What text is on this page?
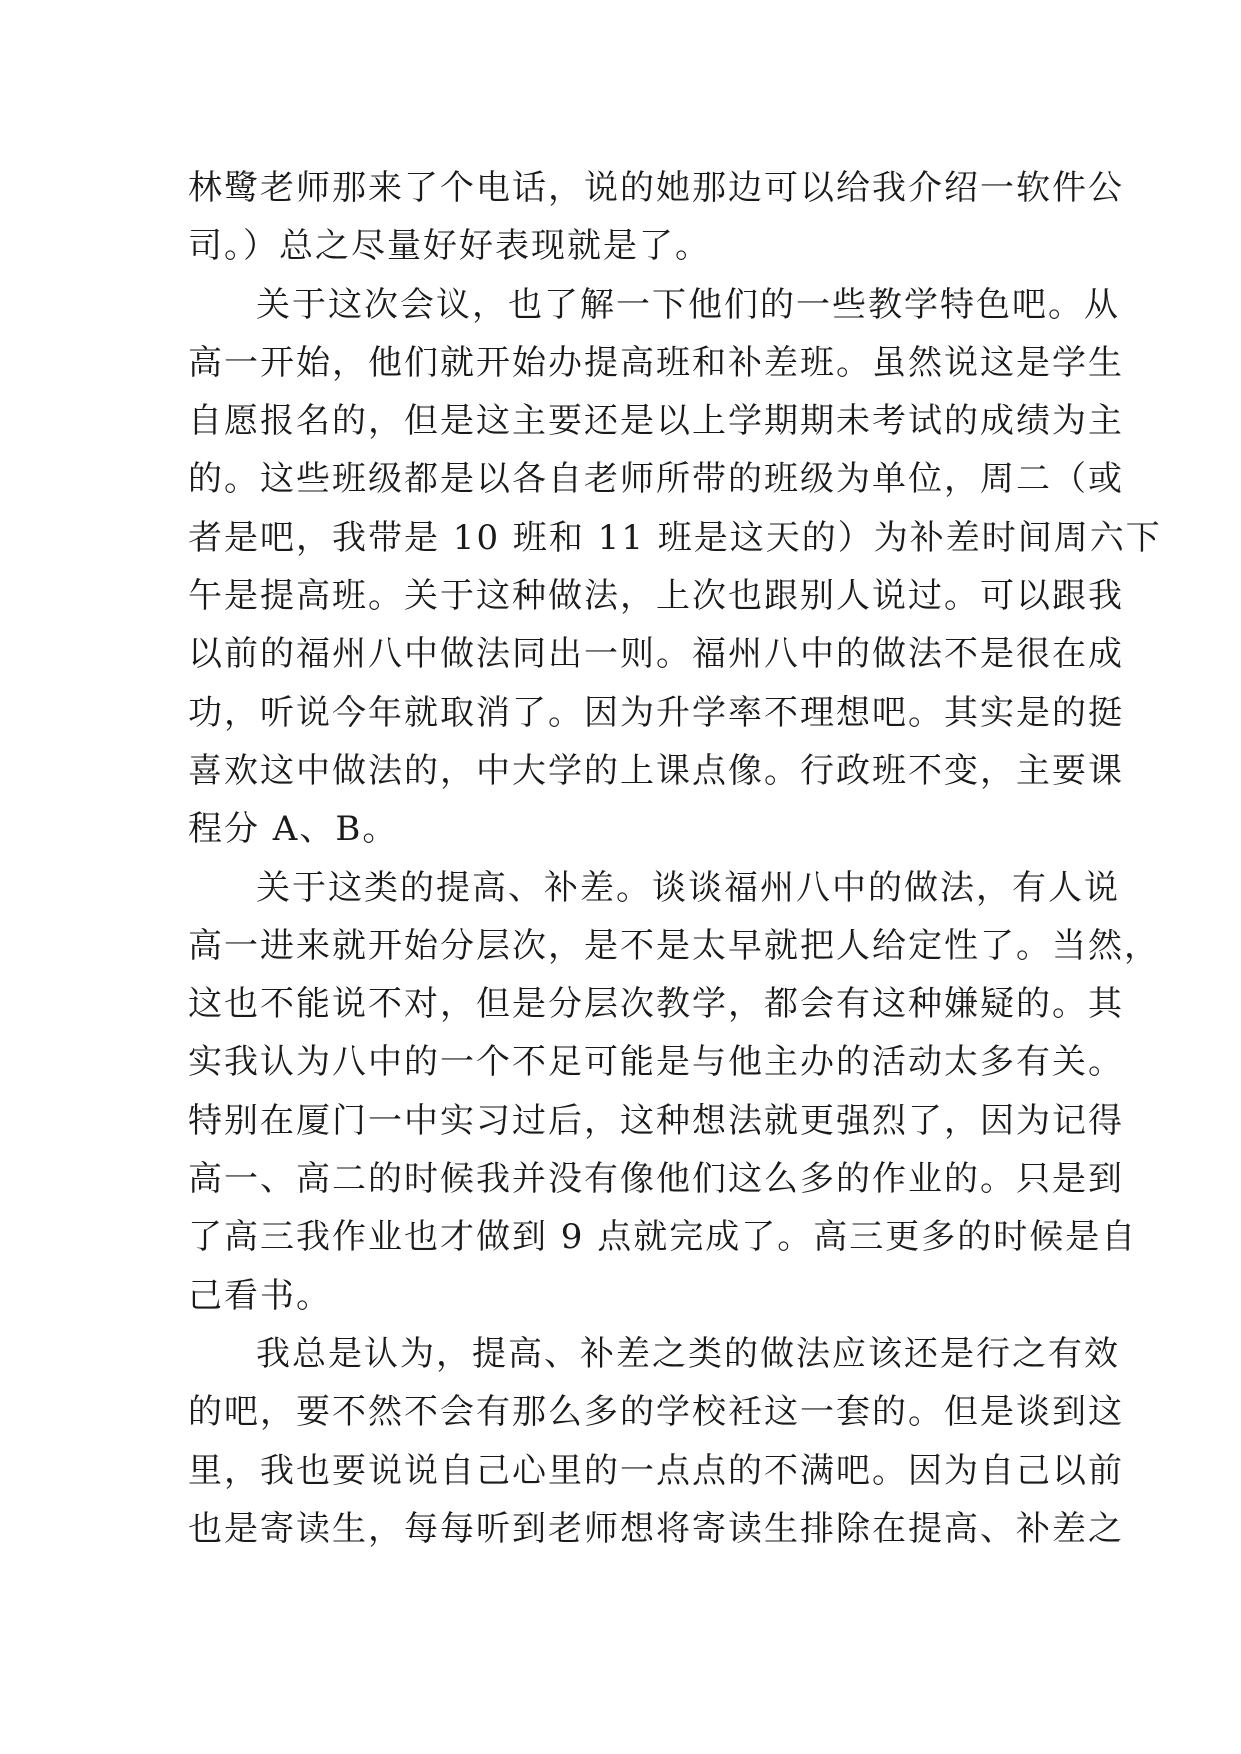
林鹭老师那来了个电话，说的她那边可以给我介绍一软件公
司。）总之尽量好好表现就是了。
关于这次会议，也了解一下他们的一些教学特色吧。从
高一开始，他们就开始办提高班和补差班。虽然说这是学生
自愿报名的，但是这主要还是以上学期期未考试的成绩为主
的。这些班级都是以各自老师所带的班级为单位，周二（或
者是吧，我带是 10 班和 11 班是这天的）为补差时间周六下
午是提高班。关于这种做法，上次也跟别人说过。可以跟我
以前的福州八中做法同出一则。福州八中的做法不是很在成
功，听说今年就取消了。因为升学率不理想吧。其实是的挺
喜欢这中做法的，中大学的上课点像。行政班不变，主要课
程分 A、B。
关于这类的提高、补差。谈谈福州八中的做法，有人说
高一进来就开始分层次，是不是太早就把人给定性了。当然，
这也不能说不对，但是分层次教学，都会有这种嫌疑的。其
实我认为八中的一个不足可能是与他主办的活动太多有关。
特别在厦门一中实习过后，这种想法就更强烈了，因为记得
高一、高二的时候我并没有像他们这么多的作业的。只是到
了高三我作业也才做到 9 点就完成了。高三更多的时候是自
己看书。
我总是认为，提高、补差之类的做法应该还是行之有效
的吧，要不然不会有那么多的学校衽这一套的。但是谈到这
里，我也要说说自己心里的一点点的不满吧。因为自己以前
也是寄读生，每每听到老师想将寄读生排除在提高、补差之
